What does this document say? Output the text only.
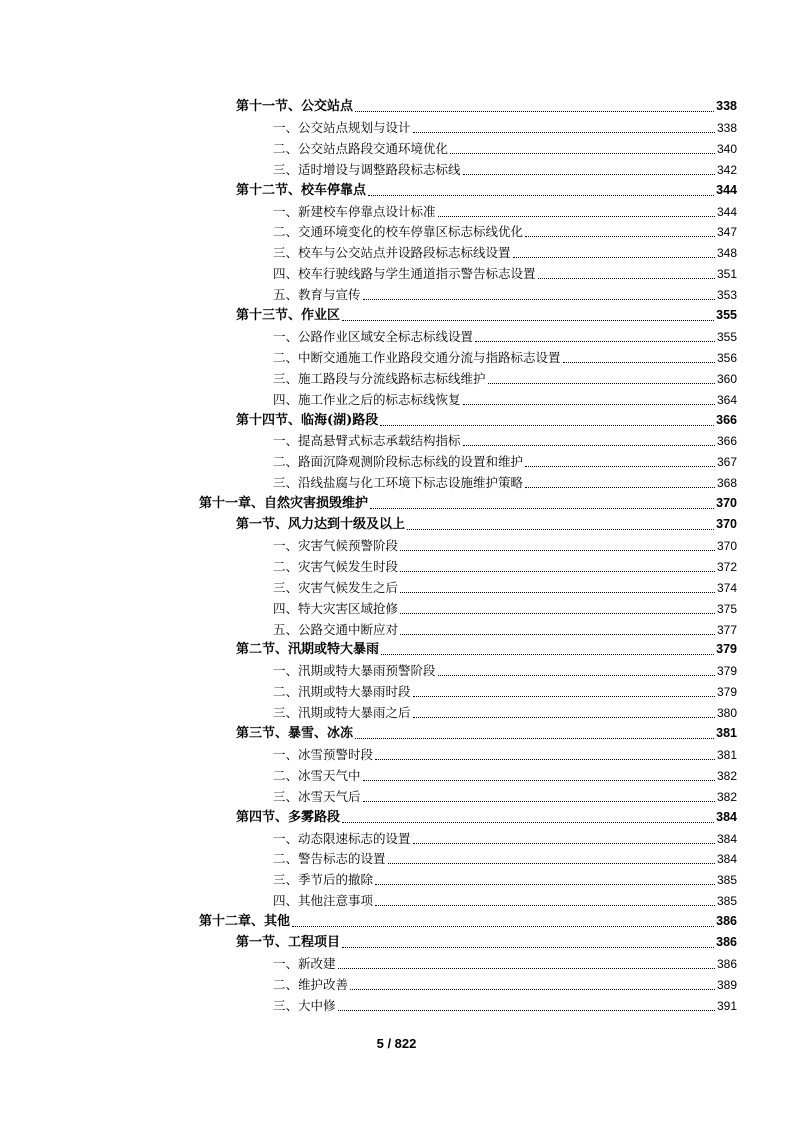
第十一节、公交站点	338
一、公交站点规划与设计	338
二、公交站点路段交通环境优化	340
三、适时增设与调整路段标志标线	342
第十二节、校车停靠点	344
一、新建校车停靠点设计标准	344
二、交通环境变化的校车停靠区标志标线优化	347
三、校车与公交站点并设路段标志标线设置	348
四、校车行驶线路与学生通道指示警告标志设置	351
五、教育与宣传	353
第十三节、作业区	355
一、公路作业区域安全标志标线设置	355
二、中断交通施工作业路段交通分流与指路标志设置	356
三、施工路段与分流线路标志标线维护	360
四、施工作业之后的标志标线恢复	364
第十四节、临海(湖)路段	366
一、提高悬臂式标志承载结构指标	366
二、路面沉降观测阶段标志标线的设置和维护	367
三、沿线盐腐与化工环境下标志设施维护策略	368
第十一章、自然灾害损毁维护	370
第一节、风力达到十级及以上	370
一、灾害气候预警阶段	370
二、灾害气候发生时段	372
三、灾害气候发生之后	374
四、特大灾害区域抢修	375
五、公路交通中断应对	377
第二节、汛期或特大暴雨	379
一、汛期或特大暴雨预警阶段	379
二、汛期或特大暴雨时段	379
三、汛期或特大暴雨之后	380
第三节、暴雪、冰冻	381
一、冰雪预警时段	381
二、冰雪天气中	382
三、冰雪天气后	382
第四节、多雾路段	384
一、动态限速标志的设置	384
二、警告标志的设置	384
三、季节后的撤除	385
四、其他注意事项	385
第十二章、其他	386
第一节、工程项目	386
一、新改建	386
二、维护改善	389
三、大中修	391
5 / 822
